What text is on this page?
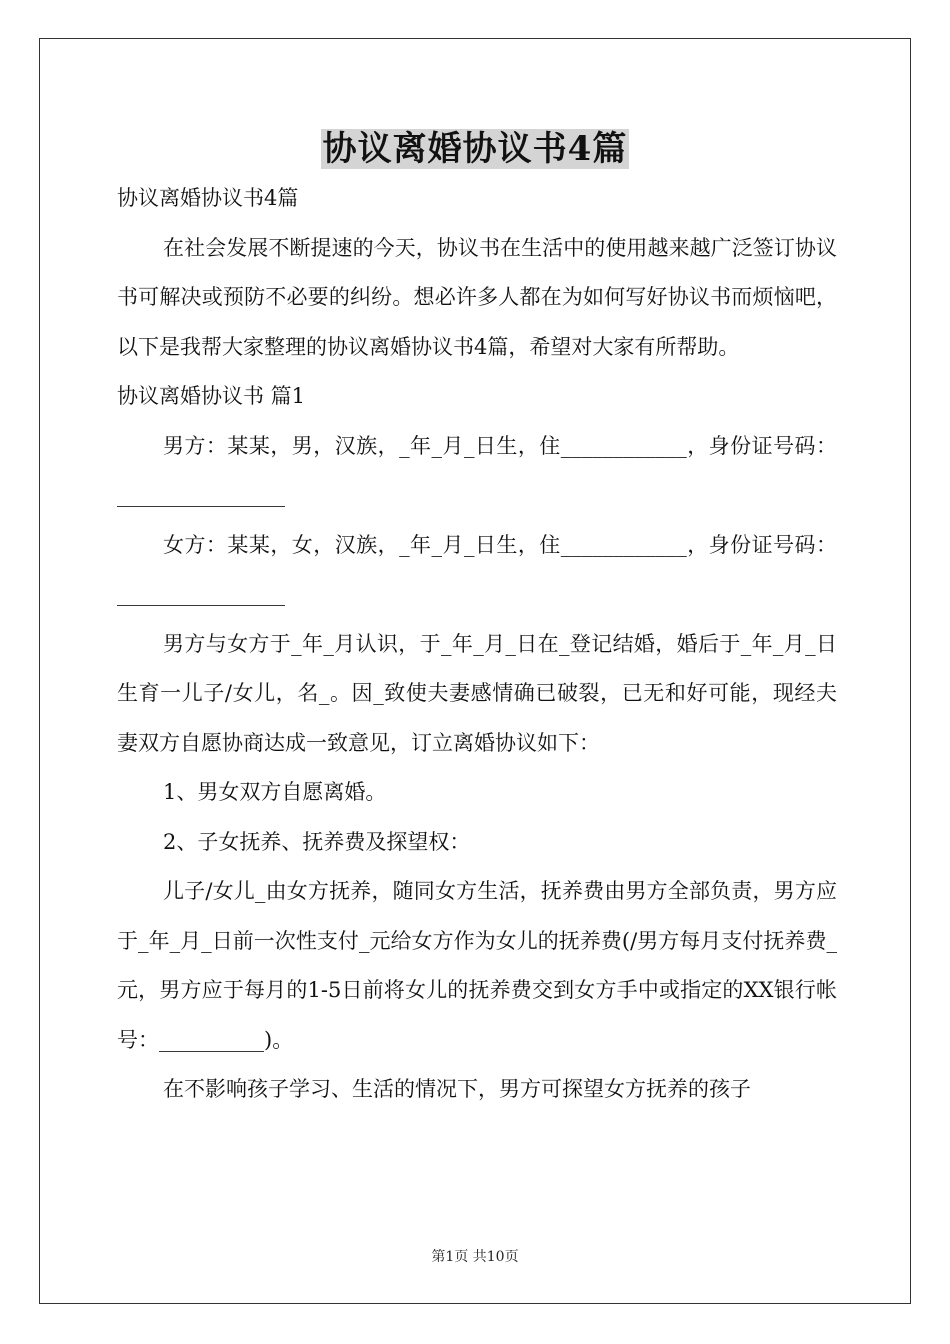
协议离婚协议书4篇

协议离婚协议书4篇

在社会发展不断提速的今天，协议书在生活中的使用越来越广泛签订协议书可解决或预防不必要的纠纷。想必许多人都在为如何写好协议书而烦恼吧，以下是我帮大家整理的协议离婚协议书4篇，希望对大家有所帮助。

协议离婚协议书 篇1

男方：某某，男，汉族，_年_月_日生，住____________，身份证号码：________________

女方：某某，女，汉族，_年_月_日生，住____________，身份证号码：________________

男方与女方于_年_月认识，于_年_月_日在_登记结婚，婚后于_年_月_日生育一儿子/女儿，名_。因_致使夫妻感情确已破裂，已无和好可能，现经夫妻双方自愿协商达成一致意见，订立离婚协议如下：

1、男女双方自愿离婚。

2、子女抚养、抚养费及探望权：

儿子/女儿_由女方抚养，随同女方生活，抚养费由男方全部负责，男方应于_年_月_日前一次性支付_元给女方作为女儿的抚养费(/男方每月支付抚养费_元，男方应于每月的1-5日前将女儿的抚养费交到女方手中或指定的XX银行帐号：__________)。

在不影响孩子学习、生活的情况下，男方可探望女方抚养的孩子

第1页 共10页
